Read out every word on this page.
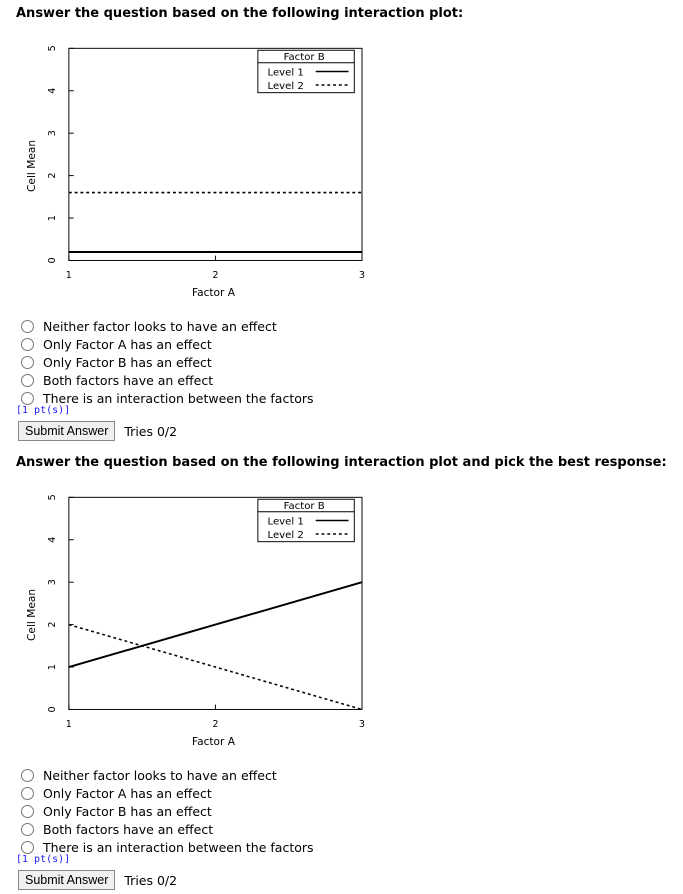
Answer the question based on the following interaction plot:
0
1
2
3
4
5
1	2	3
Factor A
Cell Mean
Factor B
Level 1
Level 2
Neither factor looks to have an effect
Only Factor A has an effect
Only Factor B has an effect
Both factors have an effect
There is an interaction between the factors
[1 pt(s)]
Submit Answer	Tries 0/2
Answer the question based on the following interaction plot and pick the best response:
0
1
2
3
4
5
1	2	3
Factor A
Cell Mean
Factor B
Level 1
Level 2
Neither factor looks to have an effect
Only Factor A has an effect
Only Factor B has an effect
Both factors have an effect
There is an interaction between the factors
[1 pt(s)]
Submit Answer	Tries 0/2
